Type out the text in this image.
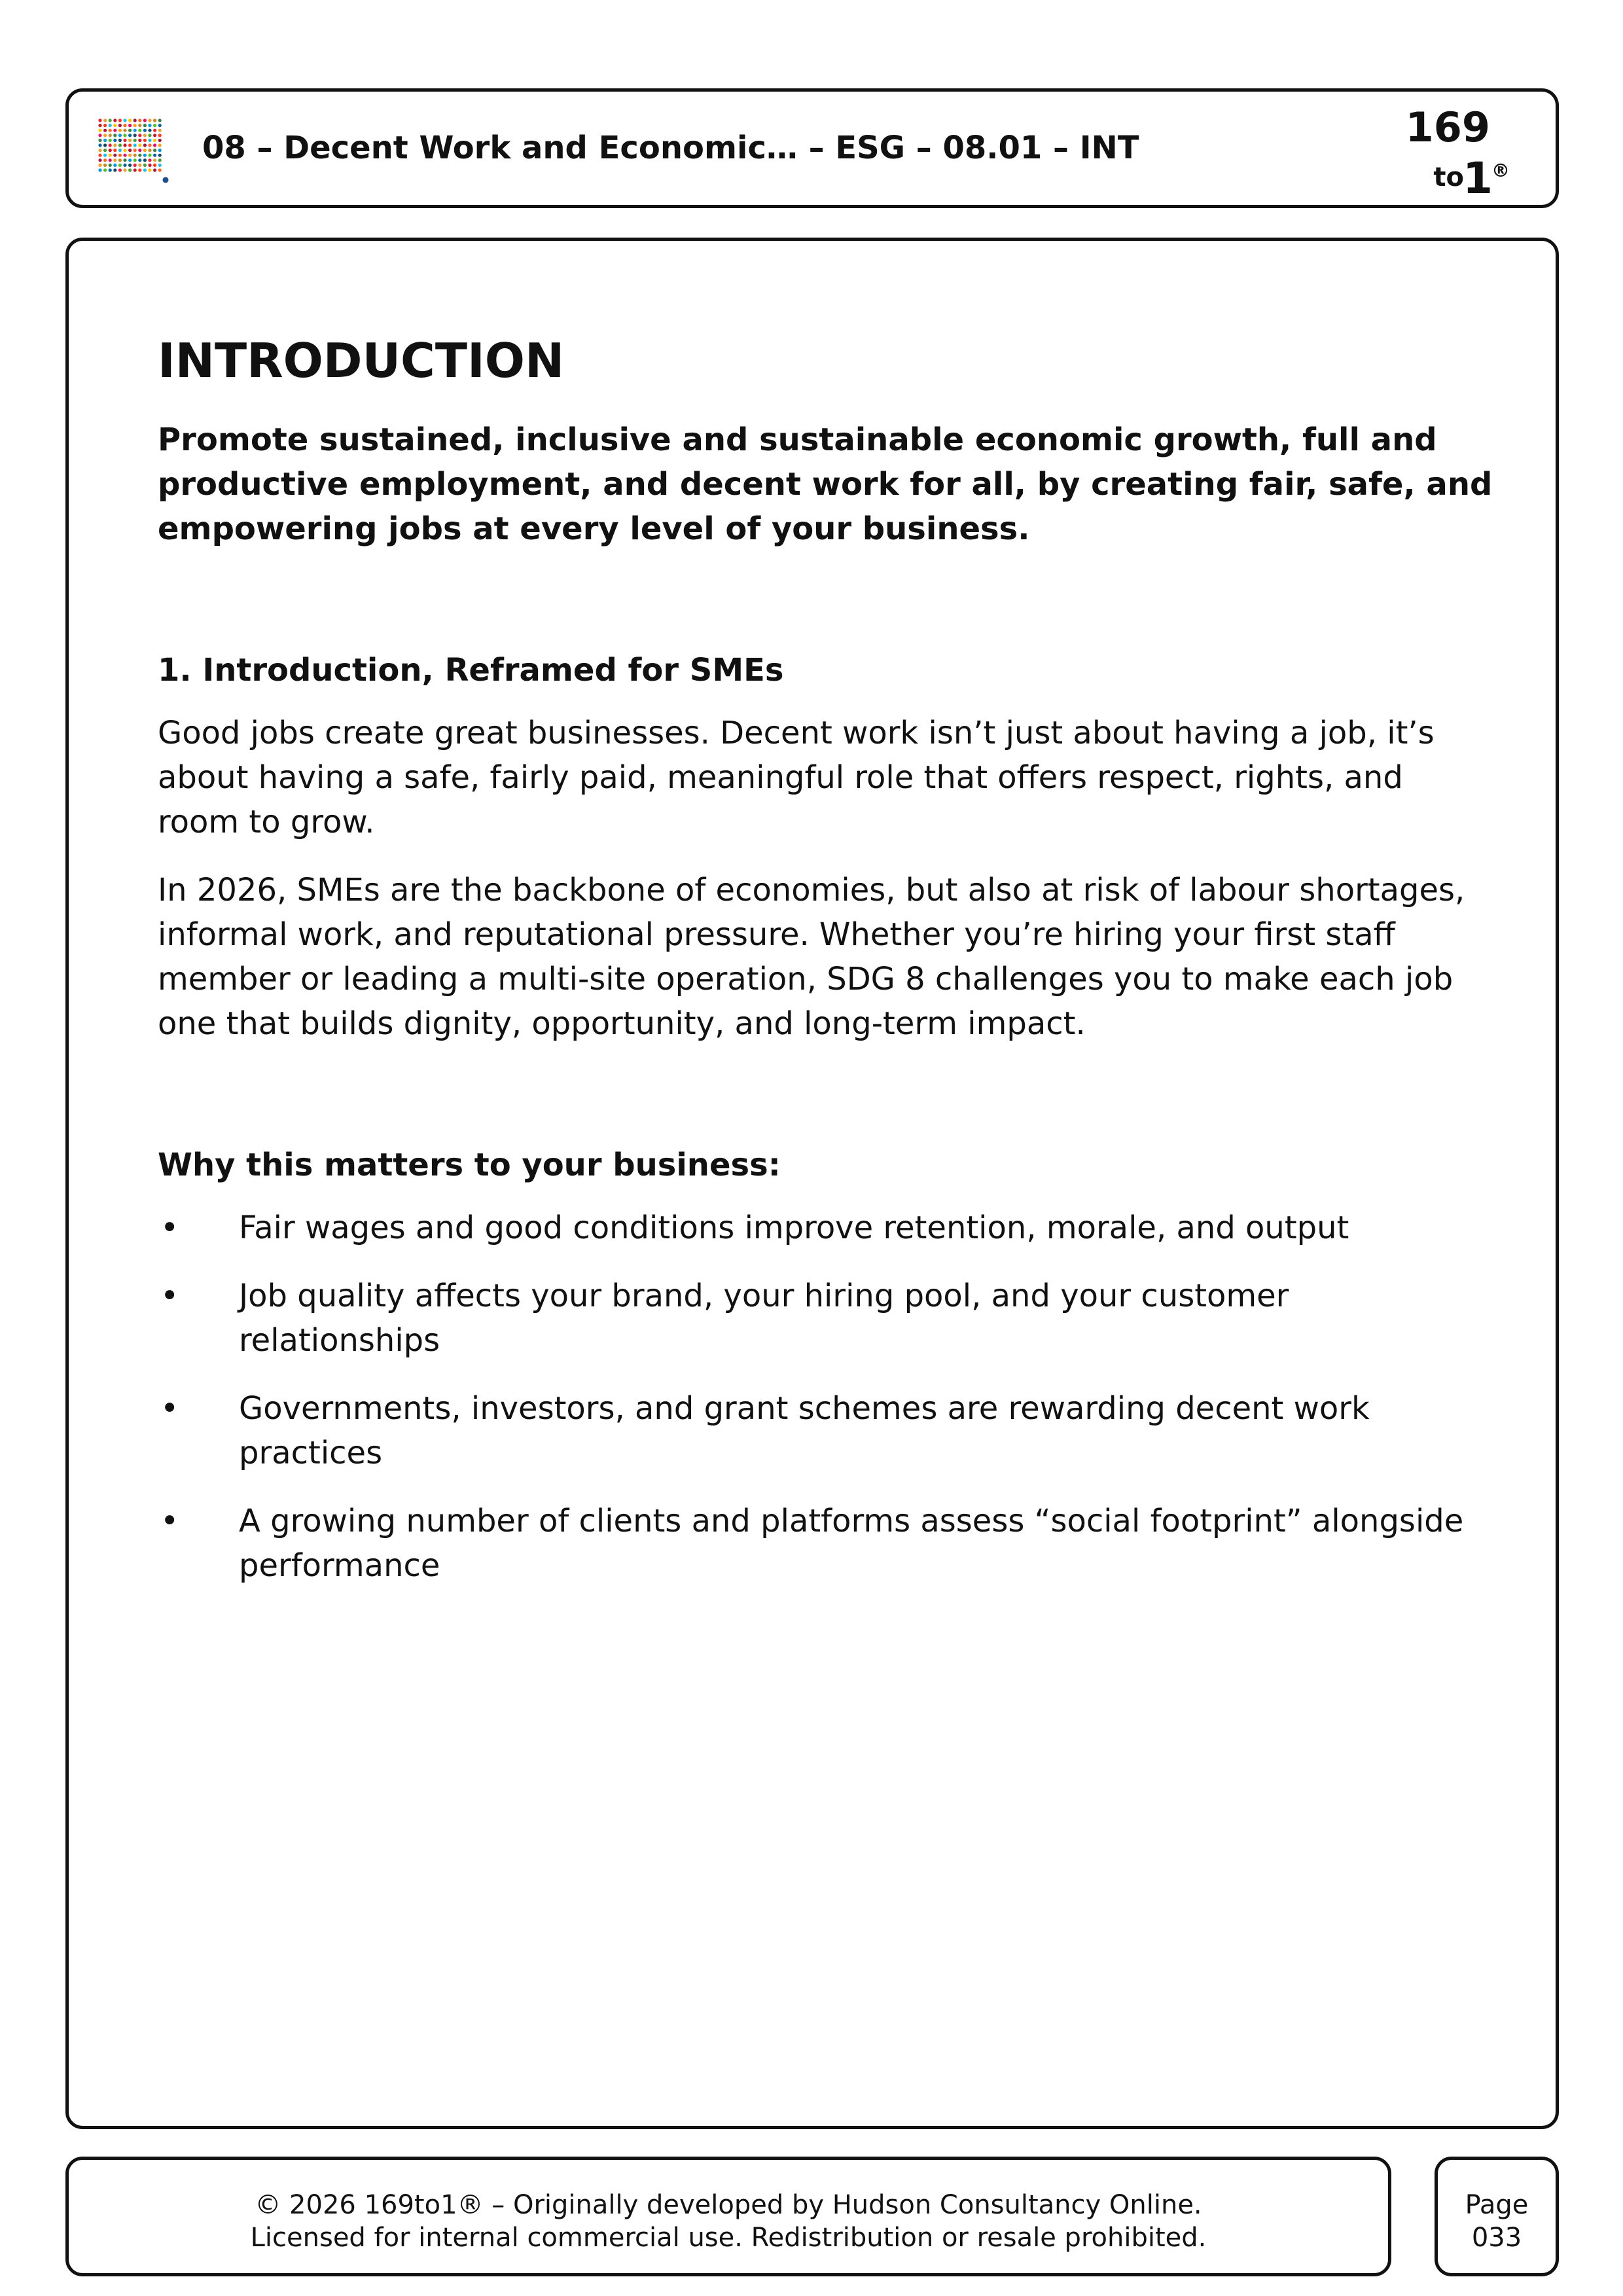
08 – Decent Work and Economic… – ESG – 08.01 – INT	169
to
1
®
INTRODUCTION

Promote sustained, inclusive and sustainable economic growth, full and productive employment, and decent work for all, by creating fair, safe, and empowering jobs at every level of your business.

1. Introduction, Reframed for SMEs

Good jobs create great businesses. Decent work isn’t just about having a job, it’s about having a safe, fairly paid, meaningful role that offers respect, rights, and room to grow.

In 2026, SMEs are the backbone of economies, but also at risk of labour shortages, informal work, and reputational pressure. Whether you’re hiring your first staff member or leading a multi-site operation, SDG 8 challenges you to make each job one that builds dignity, opportunity, and long-term impact.

Why this matters to your business:
• Fair wages and good conditions improve retention, morale, and output
• Job quality affects your brand, your hiring pool, and your customer relationships
• Governments, investors, and grant schemes are rewarding decent work practices
• A growing number of clients and platforms assess “social footprint” alongside performance
© 2026 169to1® – Originally developed by Hudson Consultancy Online.
Licensed for internal commercial use. Redistribution or resale prohibited.
Page
033
